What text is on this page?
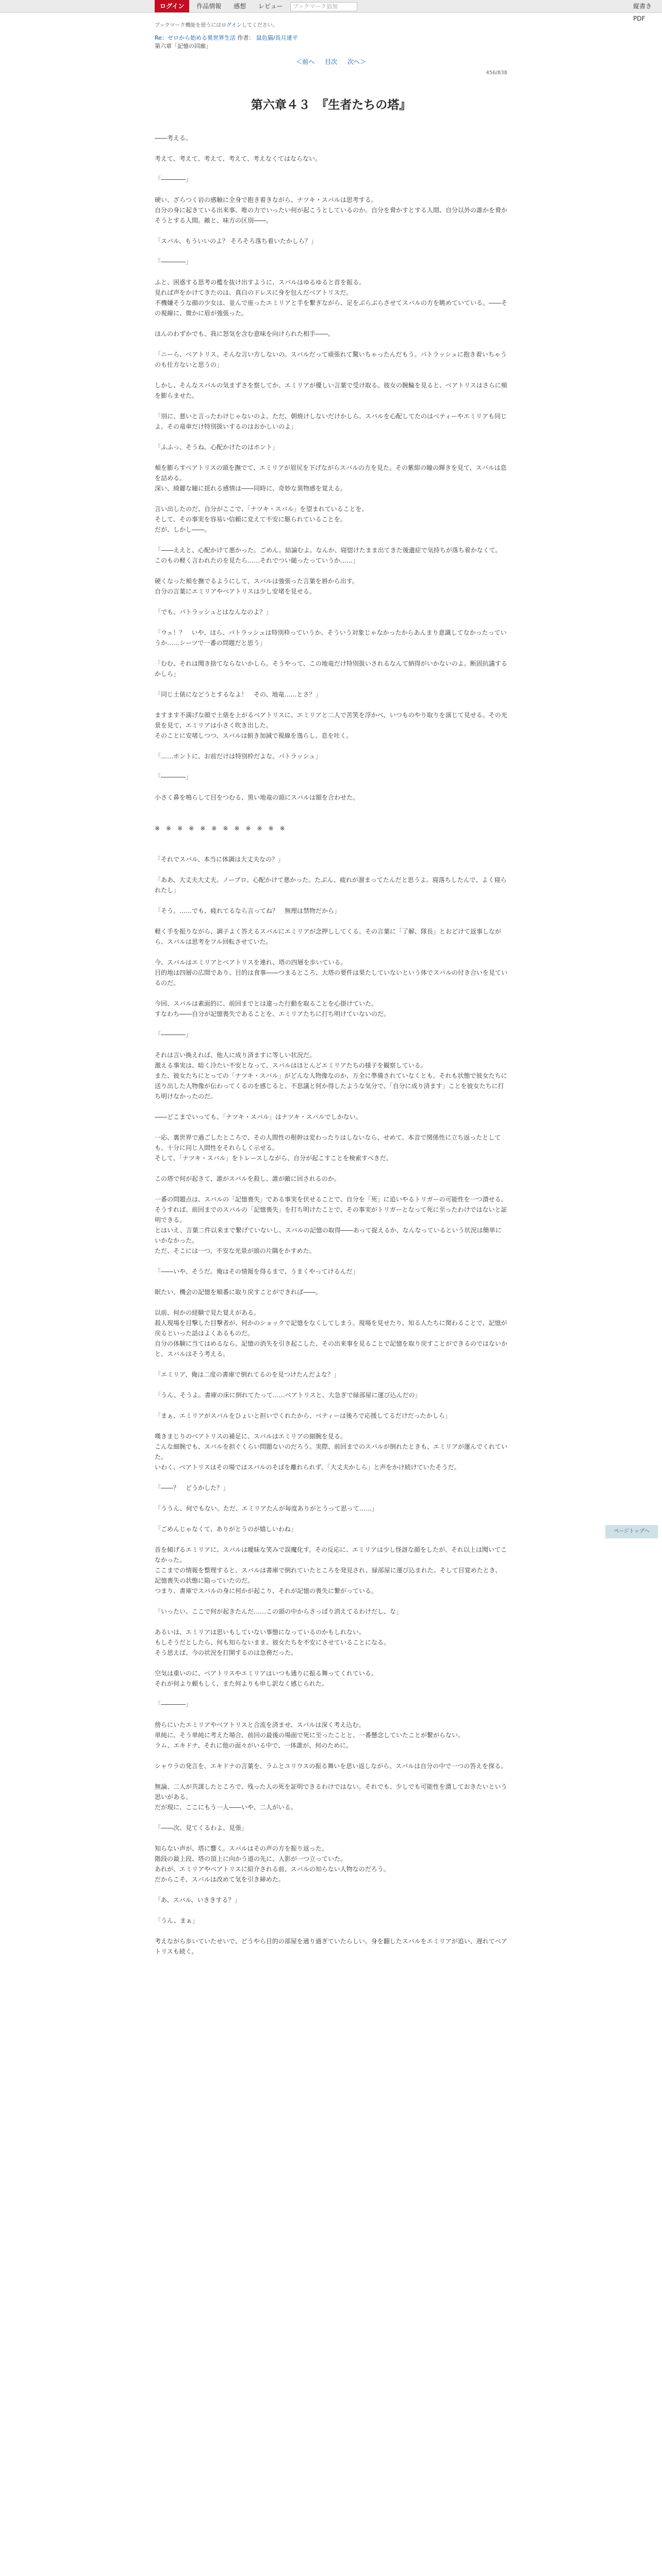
ログイン 作品情報 感想 レビュー ブックマーク追加	縦書き PDF
ブックマーク機能を使うにはログインしてください。
Re：ゼロから始める異世界生活 作者： 鼠色猫/長月達平
第六章「記憶の回廊」
＜前へ 目次 次へ＞
456/838
第六章４３　『生者たちの塔』

――考える。

考えて、考えて、考えて、考えて、考えなくてはならない。

「――――」

硬い、ざらつく岩の感触に全身で抱き着きながら、ナツキ・スバルは思考する。

自分の身に起きている出来事、唯の力でいったい何が起こうとしているのか。自分を脅かすとする人間、自分以外の誰かを脅かそうとする人間。敵と、味方の区別――。

「スバル、もういいのよ？ そろそろ落ち着いたかしら？」

「――――」

ふと、困惑する思考の檻を抜け出すように、スバルはゆるゆると首を振る。

見れば声をかけてきたのは、真白のドレスに身を包んだベアトリスだ。

不機嫌そうな顔の少女は、並んで座ったエミリアと手を繋ぎながら、足をぶらぶらさせてスバルの方を眺めていている。――その視線に、微かに眉が強張った。

ほんのわずかでも、我に怒気を含む意味を向けられた相手――。

「ニーら、ベアトリス。そんな言い方しないの。スバルだって頑張れて驚いちゃったんだもう。パトラッシュに抱き着いちゃうのも仕方ないと思うの」

しかし、そんなスバルの気まずさを察してか、エミリアが優しい言葉で受け取る。彼女の腕輪を見ると、ベアトリスはさらに頬を膨らませた。

「別に、悪いと言ったわけじゃないのよ。ただ、朝焼けしないだけかしら。スバルを心配してたのはベティーやエミリアも同じよ。その竜車だけ特別扱いするのはおかしいのよ」

「ふふっ、そうね。心配かけたのはホント」

頬を膨らすベアトリスの頭を撫でて、エミリアが眉尻を下げながらスバルの方を見た。その紫紺の瞳の輝きを見て、スバルは息を詰める。

深い、綺麗な瞳に揺れる感情は――同時に、奇妙な異物感を覚える。

言い出したのだ、自分がここで、「ナツキ・スバル」を望まれていることを。

そして、その事実を容易い信頼に変えて不安に駆られていることを。

だが、しかし――。

「――ええと、心配かけて悪かった。ごめん。結論むよ。なんか、寝惚けたまま出てきた後遺症で気持ちが落ち着かなくて。このもの軽く言われたのを見たら……それでつい縋ったっていうか……」

硬くなった頬を撫でるようにして、スバルは強張った言葉を唇から出す。

自分の言葉にエミリアやベアトリスは少し安堵を見せる。

「でも、パトラッシュとはなんなのよ？」

「ウェ！？　いや、ほら、パトラッシュは特別枠っていうか、そういう対象じゃなかったからあんまり意識してなかったっていうか……シーツで一番の問題だと思う」

「むむ、それは聞き捨てならないかしら。そうやって、この地竜だけ特別扱いされるなんて納得がいかないのよ。断固抗議するかしら」

「同じ土俵になどうとするなよ！　その、地竜……とさ？」

ますます不満げな顔で土俵を上がるベアトリスに、エミリアと二人で苦笑を浮かべ、いつものやり取りを演じて見せる。その光景を見て、エミリアは小さく吹き出した。

そのことに安堵しつつ、スバルは俯き加減で視線を逸らし、息を吐く。

「……ホントに、お前だけは特別枠だよな、パトラッシュ」

「――――」

小さく鼻を鳴らして目をつむる、黒い地竜の頭にスバルは額を合わせた。

※　※　※　※　※　※　※　※　※　※　※　※

「それでスバル、本当に体調は大丈夫なの？」

「ああ、大丈夫大丈夫。ノープロ。心配かけて悪かった。たぶん、疲れが溜まってたんだと思うよ。寝落ちしたんで、よく寝られたし」

「そう。……でも、疲れてるなら言ってね？　無理は禁物だから」

軽く手を振りながら、調子よく答えるスバルにエミリアが念押ししてくる。その言葉に「了解、隊長」とおどけて返事しながら、スバルは思考をフル回転させていた。

今、スバルはエミリアとベアトリスを連れ、塔の四層を歩いている。

目的地は四層の広間であり、目的は食事――つまるところ、大塔の要件は果たしていないという体でスバルの付き合いを見ているのだ。

今回、スバルは素面的に、前回までとは違った行動を取ることを心掛けていた。

すなわち――自分が記憶喪失であることを、エミリアたちに打ち明けていないのだ。

「――――」

それは言い換えれば、他人に成り済ますに等しい状況だ。

激える事実は、暗く冷たい不安となって、スバルはほとんどエミリアたちの様子を観察している。

また、彼女たちにとっての「ナツキ・スバル」がどんな人物像なのか、万全に準備されていなくとも、それも状態で彼女たちに送り出した人物像が伝わってくるのを感じると、不思議と何か得したような気分で、「自分に成り済ます」ことを彼女たちに打ち明けなかったのだ。

――どこまでいっても、「ナツキ・スバル」はナツキ・スバルでしかない。

一応、裏世界で過ごしたところで、その人間性の根幹は変わったりはしないなら、せめて、本音で関係性に立ち返ったとしても、十分に同じ人間性をそれらしく示せる。

そして、「ナツキ・スバル」をトレースしながら、自分が起こすことを検索すべきだ。

この塔で何が起きて、誰がスバルを殺し、誰が敵に回されるのか。

一番の問題点は、スバルの「記憶喪失」である事実を伏せることで、自分を「死」に追いやるトリガーの可能性を一つ潰せる。

そうすれば、前回までのスバルの「記憶喪失」を打ち明けたことで、その事実がトリガーとなって死に至ったわけではないと証明できる。

とはいえ、言葉二件以来まで繋げていないし、スバルの記憶の取得――あって捉えるか、なんなっているという状況は簡単にいかなかった。

ただ、そこには一つ、不安な光景が頭の片隅をかすめた。

「――いや、そうだ。俺はその情報を得るまで、うまくやってけるんだ」

眠たい、機会の記憶を順番に取り戻すことができれば――。

以前、何かの経験で見た覚えがある。

殺人現場を目撃した目撃者が、何かのショックで記憶をなくしてしまう。現場を見せたり、知る人たちに関わることで、記憶が戻るといった話はよくあるものだ。

自分の体験に当てはめるなら、記憶の消失を引き起こした、その出来事を見ることで記憶を取り戻すことができるのではないかと、スバルはそう考える。

「エミリア、俺は二度の書庫で倒れてるのを見つけたんだよな？」

「うん、そうよ。書庫の床に倒れてたって……ベアトリスと、大急ぎで緑部屋に運び込んだの」

「まぁ、エミリアがスバルをひょいと担いでくれたから、ベティーは後ろで応援してるだけだったかしら」

嘆きまじりのベアトリスの補足に、スバルはエミリアの細腕を見る。

こんな細腕でも、スバルを担ぐくらい問題ないのだろう。実際、前回までのスバルが倒れたときも、エミリアが運んでくれていた。

いわく、ベアトリスはその場ではスバルのそばを離れられず、「大丈夫かしら」と声をかけ続けていたそうだ。

「――？　どうかした？」

「ううん、何でもない。ただ、エミリアたんが毎度ありがとうって思って……」

「ごめんじゃなくて、ありがとうのが嬉しいわね」

首を傾げるエミリアに、スバルは曖昧な笑みで誤魔化す。その反応に、エミリアは少し怪訝な顔をしたが、それ以上は聞いてこなかった。

ここまでの情報を整理すると、スバルは書庫で倒れていたところを発見され、緑部屋に運び込まれた。そして目覚めたとき、記憶喪失の状態に陥っていたのだ。

つまり、書庫でスバルの身に何かが起こり、それが記憶の喪失に繋がっている。

「いったい、ここで何が起きたんだ……この頭の中からさっぱり消えてるわけだし、な」

あるいは、エミリアは思いもしていない事態になっているのかもしれない。

もしそうだとしたら、何も知らないまま、彼女たちを不安にさせていることになる。

そう思えば、今の状況を打開するのは急務だった。

空気は重いのに、ベアトリスやエミリアはいつも通りに振る舞ってくれている。

それが何より頼もしく、また何よりも申し訳なく感じられた。

「――――」

傍らにいたエミリアやベアトリスと合流を済ませ、スバルは深く考え込む。

単純に、そう単純に考えた場合、前回の最後の場面で死に至ったことと、一番懸念していたことが繋がらない。

ラム、エキドナ、それに他の面々がいる中で、一体誰が、何のために。

シャウラの発言を、エキドナの言葉を、ラムとユリウスの振る舞いを思い返しながら、スバルは自分の中で一つの答えを探る。

無論、二人が共謀したところで、残った人の死を証明できるわけではない。それでも、少しでも可能性を潰しておきたいという思いがある。

だが現に、ここにもう一人――いや、二人がいる。

「――次、見てくるわよ、見張」

知らない声が、塔に響く。スバルはその声の方を振り返った。

階段の最上段、塔の頂上に向かう道の先に、人影が一つ立っていた。

あれが、エミリアやベアトリスに紹介される前、スバルの知らない人物なのだろう。

だからこそ、スバルは改めて気を引き締めた。

「あ、スバル、いききする？」

「うん、まぁ」

考えながら歩いていたせいで、どうやら目的の部屋を通り過ぎていたらしい。身を翻したスバルをエミリアが追い、遅れてベアトリスも続く。

ページトップへ
